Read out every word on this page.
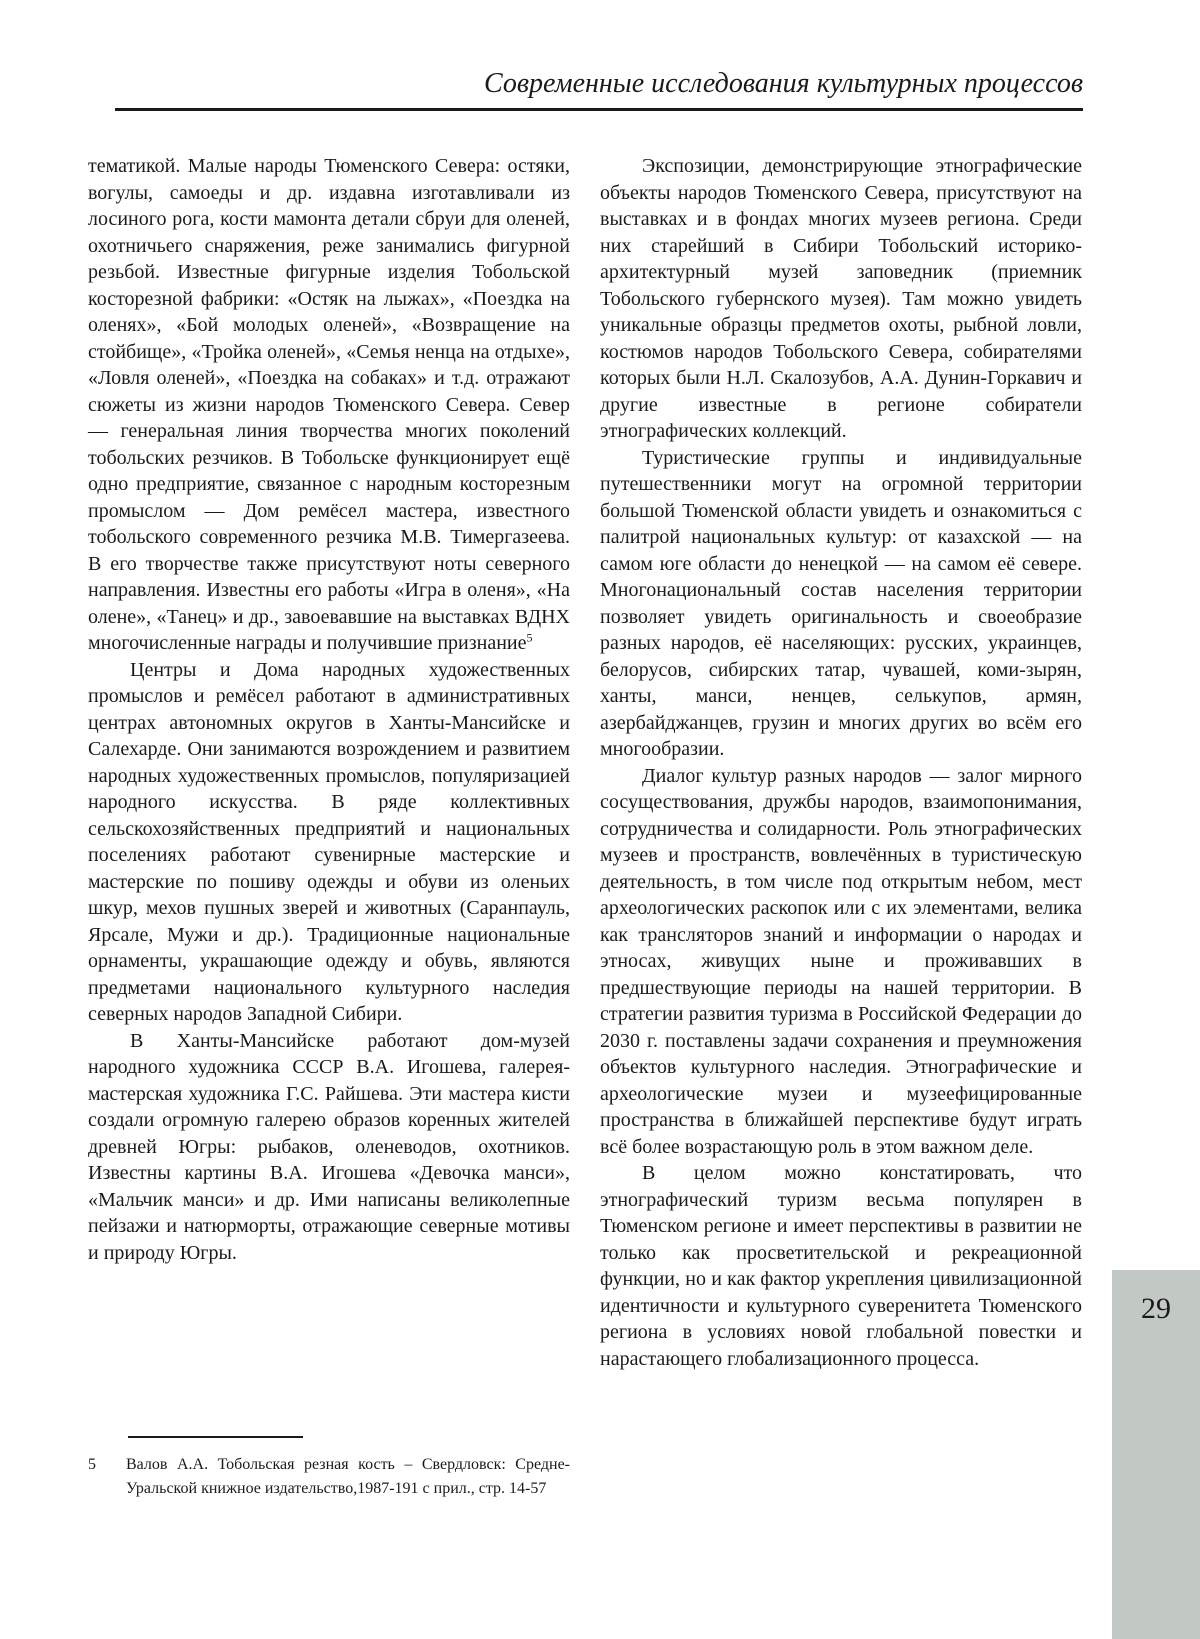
Современные исследования культурных процессов

тематикой. Малые народы Тюменского Севера: остяки, вогулы, самоеды и др. издавна изготавливали из лосиного рога, кости мамонта детали сбруи для оленей, охотничьего снаряжения, реже занимались фигурной резьбой. Известные фигурные изделия Тобольской косторезной фабрики: «Остяк на лыжах», «Поездка на оленях», «Бой молодых оленей», «Возвращение на стойбище», «Тройка оленей», «Семья ненца на отдыхе», «Ловля оленей», «Поездка на собаках» и т.д. отражают сюжеты из жизни народов Тюменского Севера. Север — генеральная линия творчества многих поколений тобольских резчиков. В Тобольске функционирует ещё одно предприятие, связанное с народным косторезным промыслом — Дом ремёсел мастера, известного тобольского современного резчика М.В. Тимергазеева. В его творчестве также присутствуют ноты северного направления. Известны его работы «Игра в оленя», «На олене», «Танец» и др., завоевавшие на выставках ВДНХ многочисленные награды и получившие признание$^5$

Центры и Дома народных художественных промыслов и ремёсел работают в административных центрах автономных округов в Ханты-Мансийске и Салехарде. Они занимаются возрождением и развитием народных художественных промыслов, популяризацией народного искусства. В ряде коллективных сельскохозяйственных предприятий и национальных поселениях работают сувенирные мастерские и мастерские по пошиву одежды и обуви из оленьих шкур, мехов пушных зверей и животных (Саранпауль, Ярсале, Мужи и др.). Традиционные национальные орнаменты, украшающие одежду и обувь, являются предметами национального культурного наследия северных народов Западной Сибири.

В Ханты-Мансийске работают дом-музей народного художника СССР В.А. Игошева, галерея-мастерская художника Г.С. Райшева. Эти мастера кисти создали огромную галерею образов коренных жителей древней Югры: рыбаков, оленеводов, охотников. Известны картины В.А. Игошева «Девочка манси», «Мальчик манси» и др. Ими написаны великолепные пейзажи и натюрморты, отражающие северные мотивы и природу Югры.

Экспозиции, демонстрирующие этнографические объекты народов Тюменского Севера, присутствуют на выставках и в фондах многих музеев региона. Среди них старейший в Сибири Тобольский историко-архитектурный музей заповедник (приемник Тобольского губернского музея). Там можно увидеть уникальные образцы предметов охоты, рыбной ловли, костюмов народов Тобольского Севера, собирателями которых были Н.Л. Скалозубов, А.А. Дунин-Горкавич и другие известные в регионе собиратели этнографических коллекций.

Туристические группы и индивидуальные путешественники могут на огромной территории большой Тюменской области увидеть и ознакомиться с палитрой национальных культур: от казахской — на самом юге области до ненецкой — на самом её севере. Многонациональный состав населения территории позволяет увидеть оригинальность и своеобразие разных народов, её населяющих: русских, украинцев, белорусов, сибирских татар, чувашей, коми-зырян, ханты, манси, ненцев, селькупов, армян, азербайджанцев, грузин и многих других во всём его многообразии.

Диалог культур разных народов — залог мирного сосуществования, дружбы народов, взаимопонимания, сотрудничества и солидарности. Роль этнографических музеев и пространств, вовлечённых в туристическую деятельность, в том числе под открытым небом, мест археологических раскопок или с их элементами, велика как трансляторов знаний и информации о народах и этносах, живущих ныне и проживавших в предшествующие периоды на нашей территории. В стратегии развития туризма в Российской Федерации до 2030 г. поставлены задачи сохранения и преумножения объектов культурного наследия. Этнографические и археологические музеи и музеефицированные пространства в ближайшей перспективе будут играть всё более возрастающую роль в этом важном деле.

В целом можно констатировать, что этнографический туризм весьма популярен в Тюменском регионе и имеет перспективы в развитии не только как просветительской и рекреационной функции, но и как фактор укрепления цивилизационной идентичности и культурного суверенитета Тюменского региона в условиях новой глобальной повестки и нарастающего глобализационного процесса.

5	Валов А.А. Тобольская резная кость – Свердловск: Средне-Уральской книжное издательство,1987-191 с прил., стр. 14-57
29
